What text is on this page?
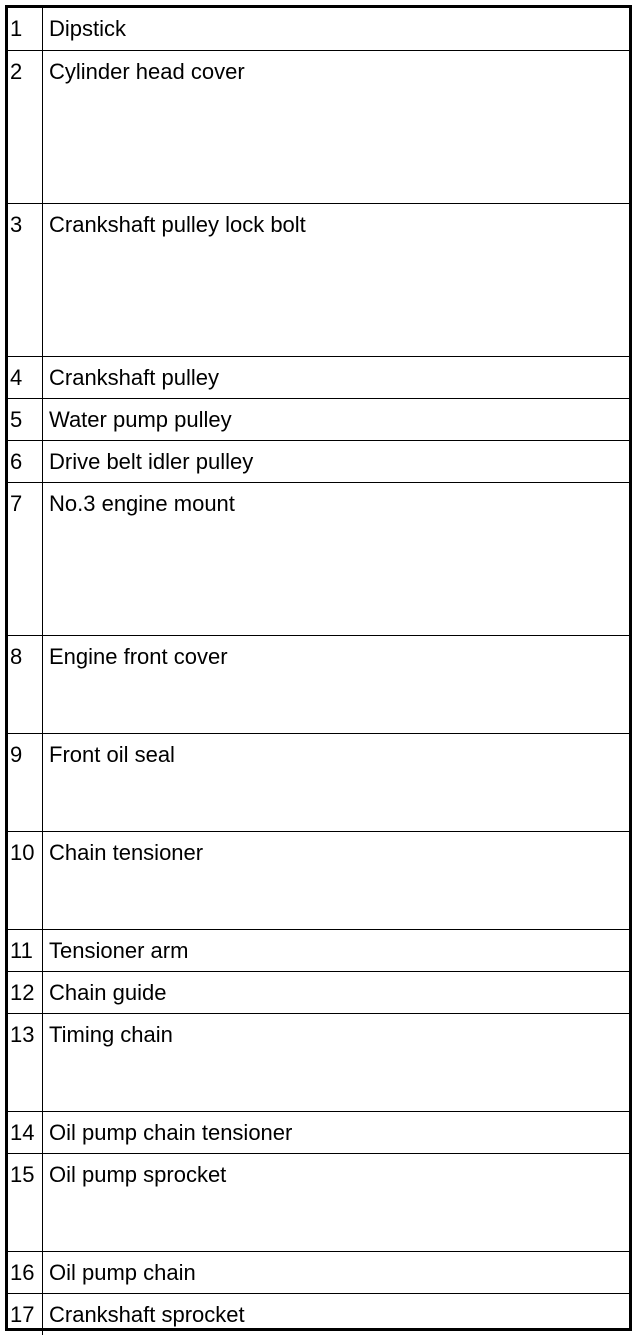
1	Dipstick
2	Cylinder head cover
3	Crankshaft pulley lock bolt
4	Crankshaft pulley
5	Water pump pulley
6	Drive belt idler pulley
7	No.3 engine mount
8	Engine front cover
9	Front oil seal
10	Chain tensioner
11	Tensioner arm
12	Chain guide
13	Timing chain
14	Oil pump chain tensioner
15	Oil pump sprocket
16	Oil pump chain
17	Crankshaft sprocket
